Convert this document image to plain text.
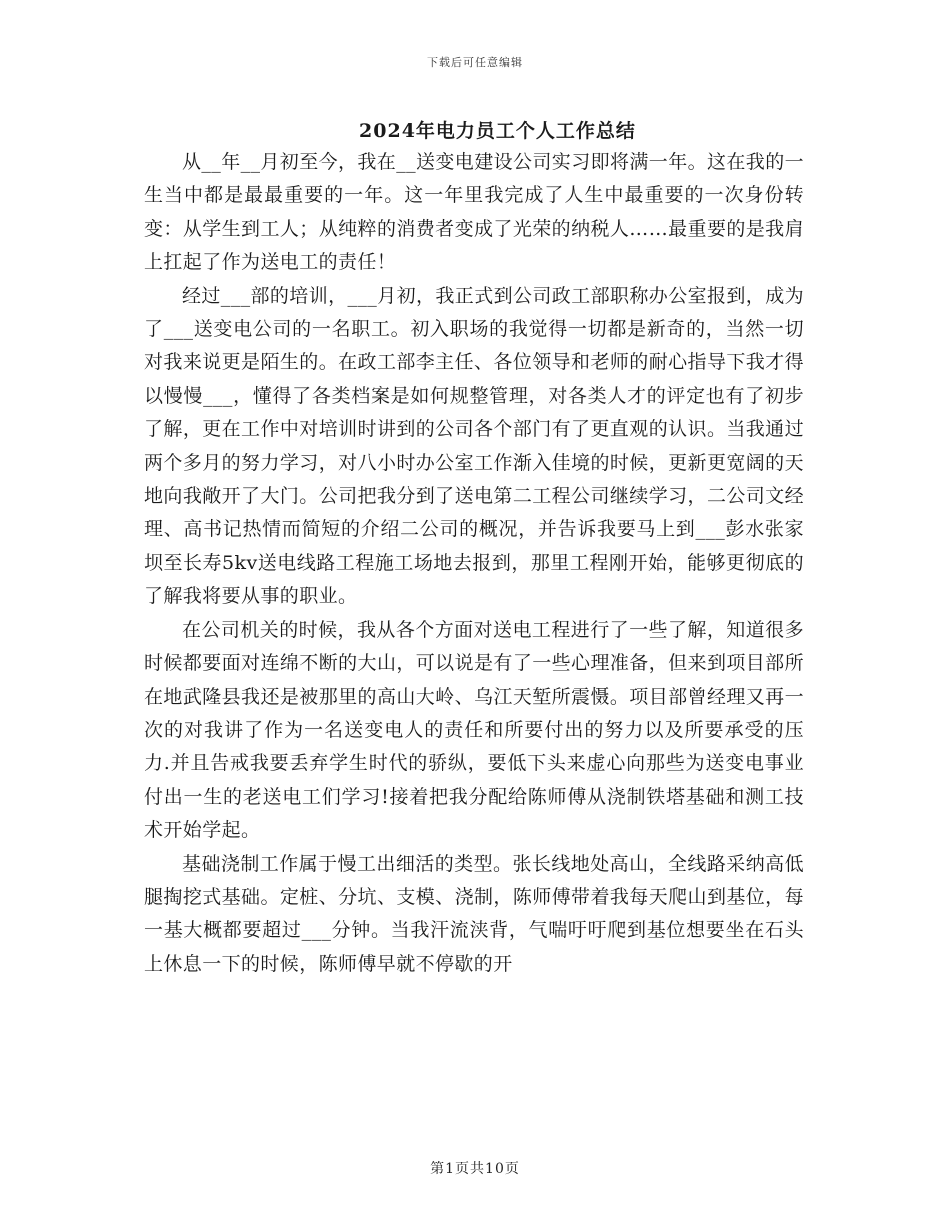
下载后可任意编辑
2024年电力员工个人工作总结

从__年__月初至今，我在__送变电建设公司实习即将满一年。这在我的一生当中都是最最重要的一年。这一年里我完成了人生中最重要的一次身份转变：从学生到工人；从纯粹的消费者变成了光荣的纳税人……最重要的是我肩上扛起了作为送电工的责任！

经过___部的培训，___月初，我正式到公司政工部职称办公室报到，成为了___送变电公司的一名职工。初入职场的我觉得一切都是新奇的，当然一切对我来说更是陌生的。在政工部李主任、各位领导和老师的耐心指导下我才得以慢慢___，懂得了各类档案是如何规整管理，对各类人才的评定也有了初步了解，更在工作中对培训时讲到的公司各个部门有了更直观的认识。当我通过两个多月的努力学习，对八小时办公室工作渐入佳境的时候，更新更宽阔的天地向我敞开了大门。公司把我分到了送电第二工程公司继续学习，二公司文经理、高书记热情而简短的介绍二公司的概况，并告诉我要马上到___彭水张家坝至长寿5kv送电线路工程施工场地去报到，那里工程刚开始，能够更彻底的了解我将要从事的职业。

在公司机关的时候，我从各个方面对送电工程进行了一些了解，知道很多时候都要面对连绵不断的大山，可以说是有了一些心理准备，但来到项目部所在地武隆县我还是被那里的高山大岭、乌江天堑所震慑。项目部曾经理又再一次的对我讲了作为一名送变电人的责任和所要付出的努力以及所要承受的压力.并且告戒我要丢弃学生时代的骄纵，要低下头来虚心向那些为送变电事业付出一生的老送电工们学习!接着把我分配给陈师傅从浇制铁塔基础和测工技术开始学起。

基础浇制工作属于慢工出细活的类型。张长线地处高山，全线路采纳高低腿掏挖式基础。定桩、分坑、支模、浇制，陈师傅带着我每天爬山到基位，每一基大概都要超过___分钟。当我汗流浃背，气喘吁吁爬到基位想要坐在石头上休息一下的时候，陈师傅早就不停歇的开

第1页共10页
